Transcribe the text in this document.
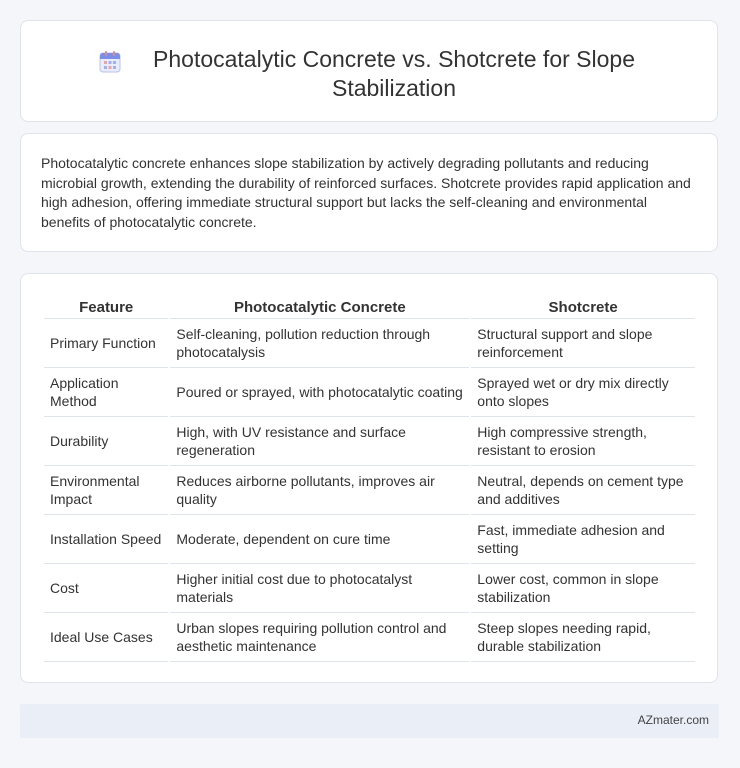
Photocatalytic Concrete vs. Shotcrete for Slope Stabilization

Photocatalytic concrete enhances slope stabilization by actively degrading pollutants and reducing microbial growth, extending the durability of reinforced surfaces. Shotcrete provides rapid application and high adhesion, offering immediate structural support but lacks the self-cleaning and environmental benefits of photocatalytic concrete.

Feature	Photocatalytic Concrete	Shotcrete
Primary Function	Self-cleaning, pollution reduction through photocatalysis	Structural support and slope reinforcement
Application Method	Poured or sprayed, with photocatalytic coating	Sprayed wet or dry mix directly onto slopes
Durability	High, with UV resistance and surface regeneration	High compressive strength, resistant to erosion
Environmental Impact	Reduces airborne pollutants, improves air quality	Neutral, depends on cement type and additives
Installation Speed	Moderate, dependent on cure time	Fast, immediate adhesion and setting
Cost	Higher initial cost due to photocatalyst materials	Lower cost, common in slope stabilization
Ideal Use Cases	Urban slopes requiring pollution control and aesthetic maintenance	Steep slopes needing rapid, durable stabilization
AZmater.com
